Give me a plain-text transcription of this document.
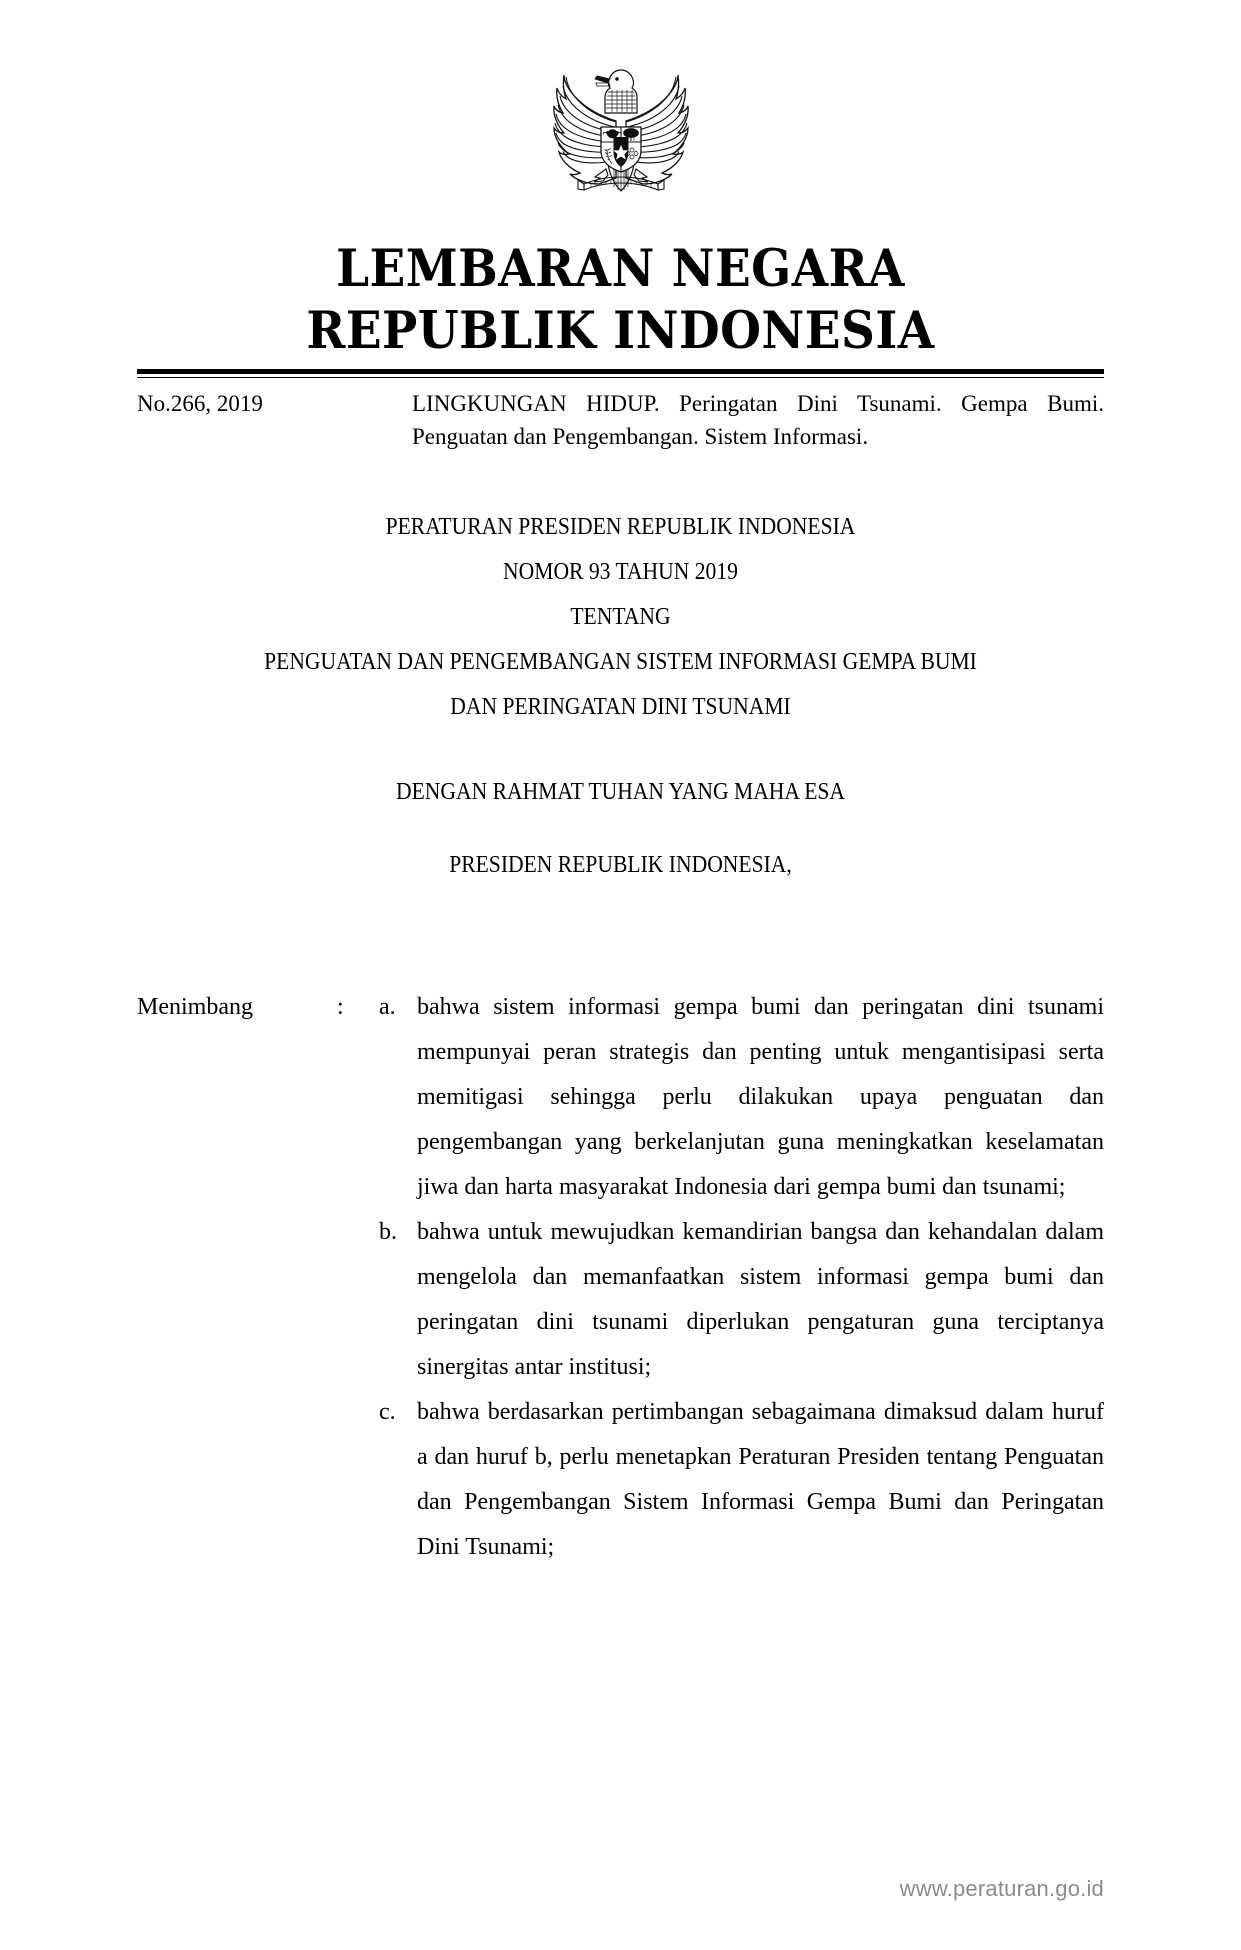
LEMBARAN NEGARA
REPUBLIK INDONESIA
No.266, 2019	LINGKUNGAN HIDUP. Peringatan Dini Tsunami. Gempa Bumi. Penguatan dan Pengembangan. Sistem Informasi.
PERATURAN PRESIDEN REPUBLIK INDONESIA
NOMOR 93 TAHUN 2019
TENTANG
PENGUATAN DAN PENGEMBANGAN SISTEM INFORMASI GEMPA BUMI
DAN PERINGATAN DINI TSUNAMI
DENGAN RAHMAT TUHAN YANG MAHA ESA
PRESIDEN REPUBLIK INDONESIA,
Menimbang	:	a. bahwa sistem informasi gempa bumi dan peringatan dini tsunami mempunyai peran strategis dan penting untuk mengantisipasi serta memitigasi sehingga perlu dilakukan upaya penguatan dan pengembangan yang berkelanjutan guna meningkatkan keselamatan jiwa dan harta masyarakat Indonesia dari gempa bumi dan tsunami;
b. bahwa untuk mewujudkan kemandirian bangsa dan kehandalan dalam mengelola dan memanfaatkan sistem informasi gempa bumi dan peringatan dini tsunami diperlukan pengaturan guna terciptanya sinergitas antar institusi;
c. bahwa berdasarkan pertimbangan sebagaimana dimaksud dalam huruf a dan huruf b, perlu menetapkan Peraturan Presiden tentang Penguatan dan Pengembangan Sistem Informasi Gempa Bumi dan Peringatan Dini Tsunami;
www.peraturan.go.id
